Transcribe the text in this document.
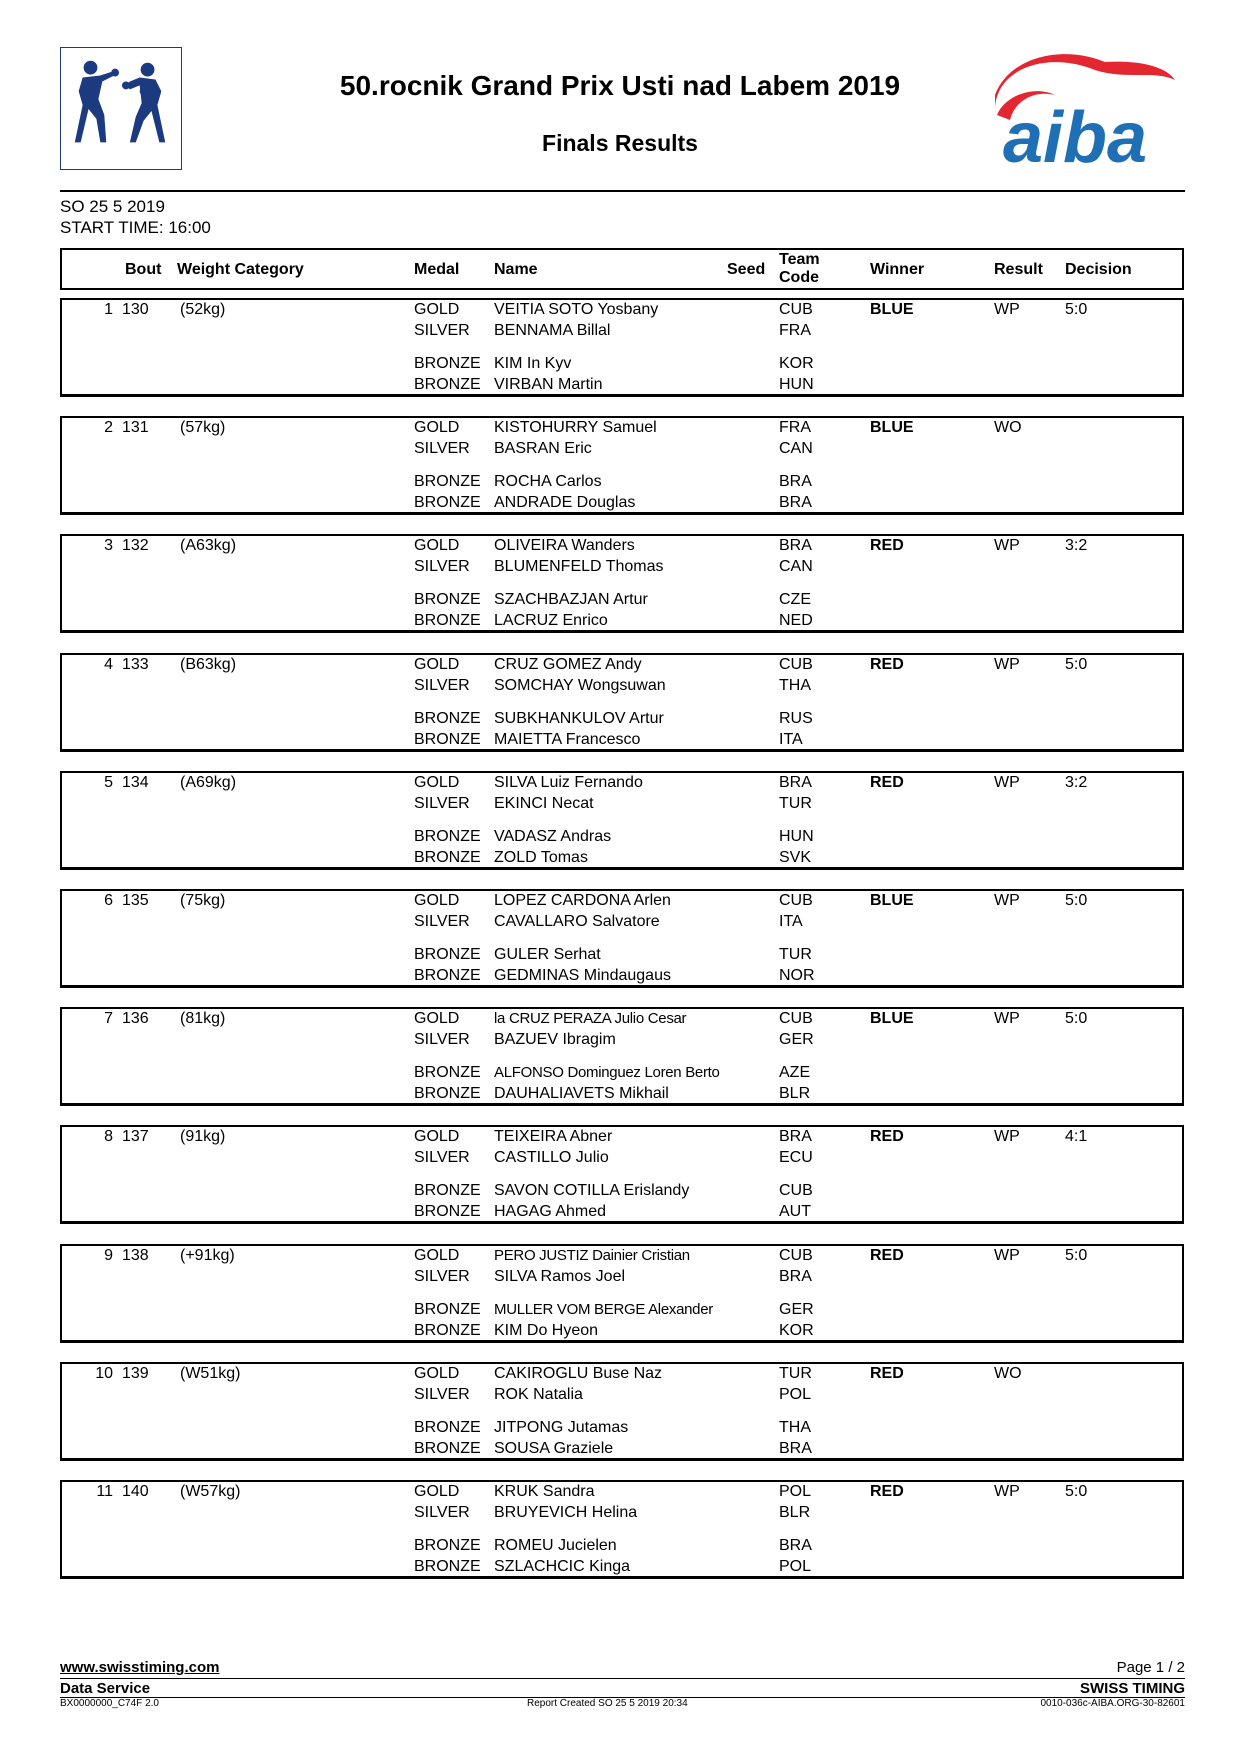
50.rocnik Grand Prix Usti nad Labem 2019
Finals Results	aiba
SO 25 5 2019
START TIME: 16:00
Bout Weight Category	Medal Name	Seed
Team
Code	Winner	Result Decision
1 130 (52kg)	BLUE	WP	5:0
GOLD VEITIA SOTO Yosbany	CUB
SILVER BENNAMA Billal	FRA
BRONZE KIM In Kyv	KOR
BRONZE VIRBAN Martin	HUN
2 131 (57kg)	BLUE	WO
GOLD KISTOHURRY Samuel	FRA
SILVER BASRAN Eric	CAN
BRONZE ROCHA Carlos	BRA
BRONZE ANDRADE Douglas	BRA
3 132 (A63kg)	RED	WP	3:2
GOLD OLIVEIRA Wanders	BRA
SILVER BLUMENFELD Thomas	CAN
BRONZE SZACHBAZJAN Artur	CZE
BRONZE LACRUZ Enrico	NED
4 133 (B63kg)	RED	WP	5:0
GOLD CRUZ GOMEZ Andy	CUB
SILVER SOMCHAY Wongsuwan	THA
BRONZE SUBKHANKULOV Artur	RUS
BRONZE MAIETTA Francesco	ITA
5 134 (A69kg)	RED	WP	3:2
GOLD SILVA Luiz Fernando	BRA
SILVER EKINCI Necat	TUR
BRONZE VADASZ Andras	HUN
BRONZE ZOLD Tomas	SVK
6 135 (75kg)	BLUE	WP	5:0
GOLD LOPEZ CARDONA Arlen	CUB
SILVER CAVALLARO Salvatore	ITA
BRONZE GULER Serhat	TUR
BRONZE GEDMINAS Mindaugaus	NOR
7 136 (81kg)	BLUE	WP	5:0
GOLD la CRUZ PERAZA Julio Cesar	CUB
SILVER BAZUEV Ibragim	GER
BRONZE ALFONSO Dominguez Loren Berto	AZE
BRONZE DAUHALIAVETS Mikhail	BLR
8 137 (91kg)	RED	WP	4:1
GOLD TEIXEIRA Abner	BRA
SILVER CASTILLO Julio	ECU
BRONZE SAVON COTILLA Erislandy	CUB
BRONZE HAGAG Ahmed	AUT
9 138 (+91kg)	RED	WP	5:0
GOLD PERO JUSTIZ Dainier Cristian	CUB
SILVER SILVA Ramos Joel	BRA
BRONZE MULLER VOM BERGE Alexander	GER
BRONZE KIM Do Hyeon	KOR
10 139 (W51kg)	RED	WO
GOLD CAKIROGLU Buse Naz	TUR
SILVER ROK Natalia	POL
BRONZE JITPONG Jutamas	THA
BRONZE SOUSA Graziele	BRA
11 140 (W57kg)	RED	WP	5:0
GOLD KRUK Sandra	POL
SILVER BRUYEVICH Helina	BLR
BRONZE ROMEU Jucielen	BRA
BRONZE SZLACHCIC Kinga	POL
www.swisstiming.com	Page 1 / 2
Data Service	SWISS TIMING
BX0000000_C74F 2.0	Report Created SO 25 5 2019 20:34	0010-036c-AIBA.ORG-30-82601
